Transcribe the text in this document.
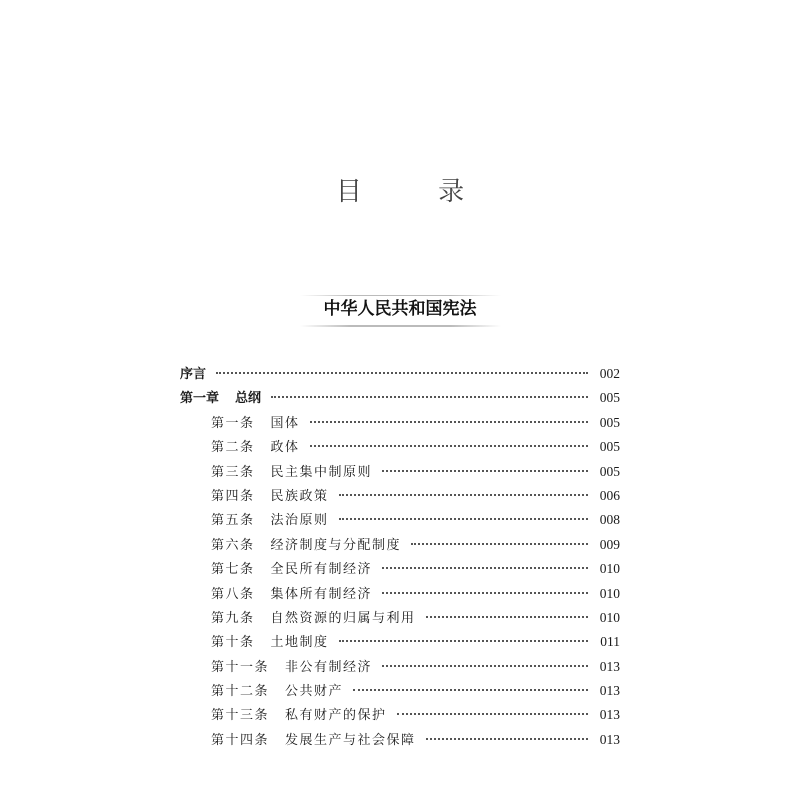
目 录
中华人民共和国宪法
序言	002
第一章 总纲	005
第一条 国体	005
第二条 政体	005
第三条 民主集中制原则	005
第四条 民族政策	006
第五条 法治原则	008
第六条 经济制度与分配制度	009
第七条 全民所有制经济	010
第八条 集体所有制经济	010
第九条 自然资源的归属与利用	010
第十条 土地制度	011
第十一条 非公有制经济	013
第十二条 公共财产	013
第十三条 私有财产的保护	013
第十四条 发展生产与社会保障	013
